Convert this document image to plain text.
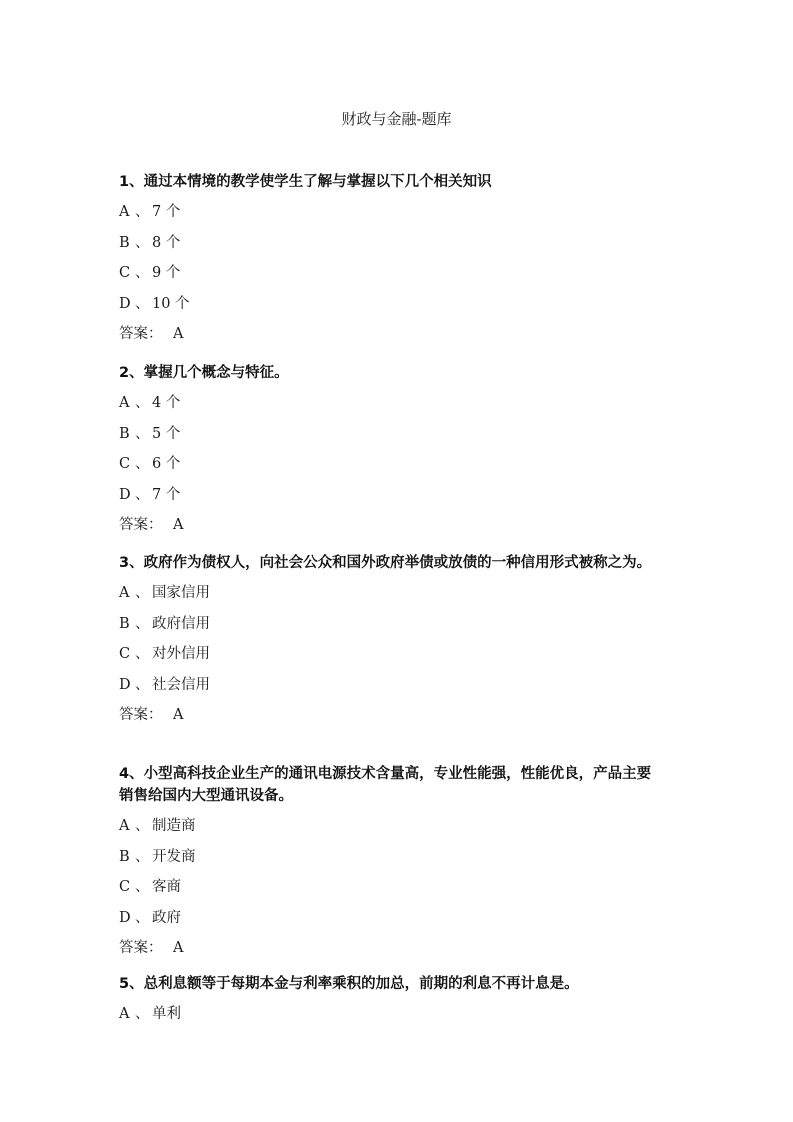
财政与金融-题库

1、通过本情境的教学使学生了解与掌握以下几个相关知识

A 、 7 个
B 、 8 个
C 、 9 个
D 、 10 个
答案： A

2、掌握几个概念与特征。

A 、 4 个
B 、 5 个
C 、 6 个
D 、 7 个
答案： A

3、政府作为债权人，向社会公众和国外政府举债或放债的一种信用形式被称之为。

A 、 国家信用
B 、 政府信用
C 、 对外信用
D 、 社会信用
答案： A

4、小型高科技企业生产的通讯电源技术含量高，专业性能强，性能优良，产品主要销售给国内大型通讯设备。

A 、 制造商
B 、 开发商
C 、 客商
D 、 政府
答案： A

5、总利息额等于每期本金与利率乘积的加总，前期的利息不再计息是。

A 、 单利
